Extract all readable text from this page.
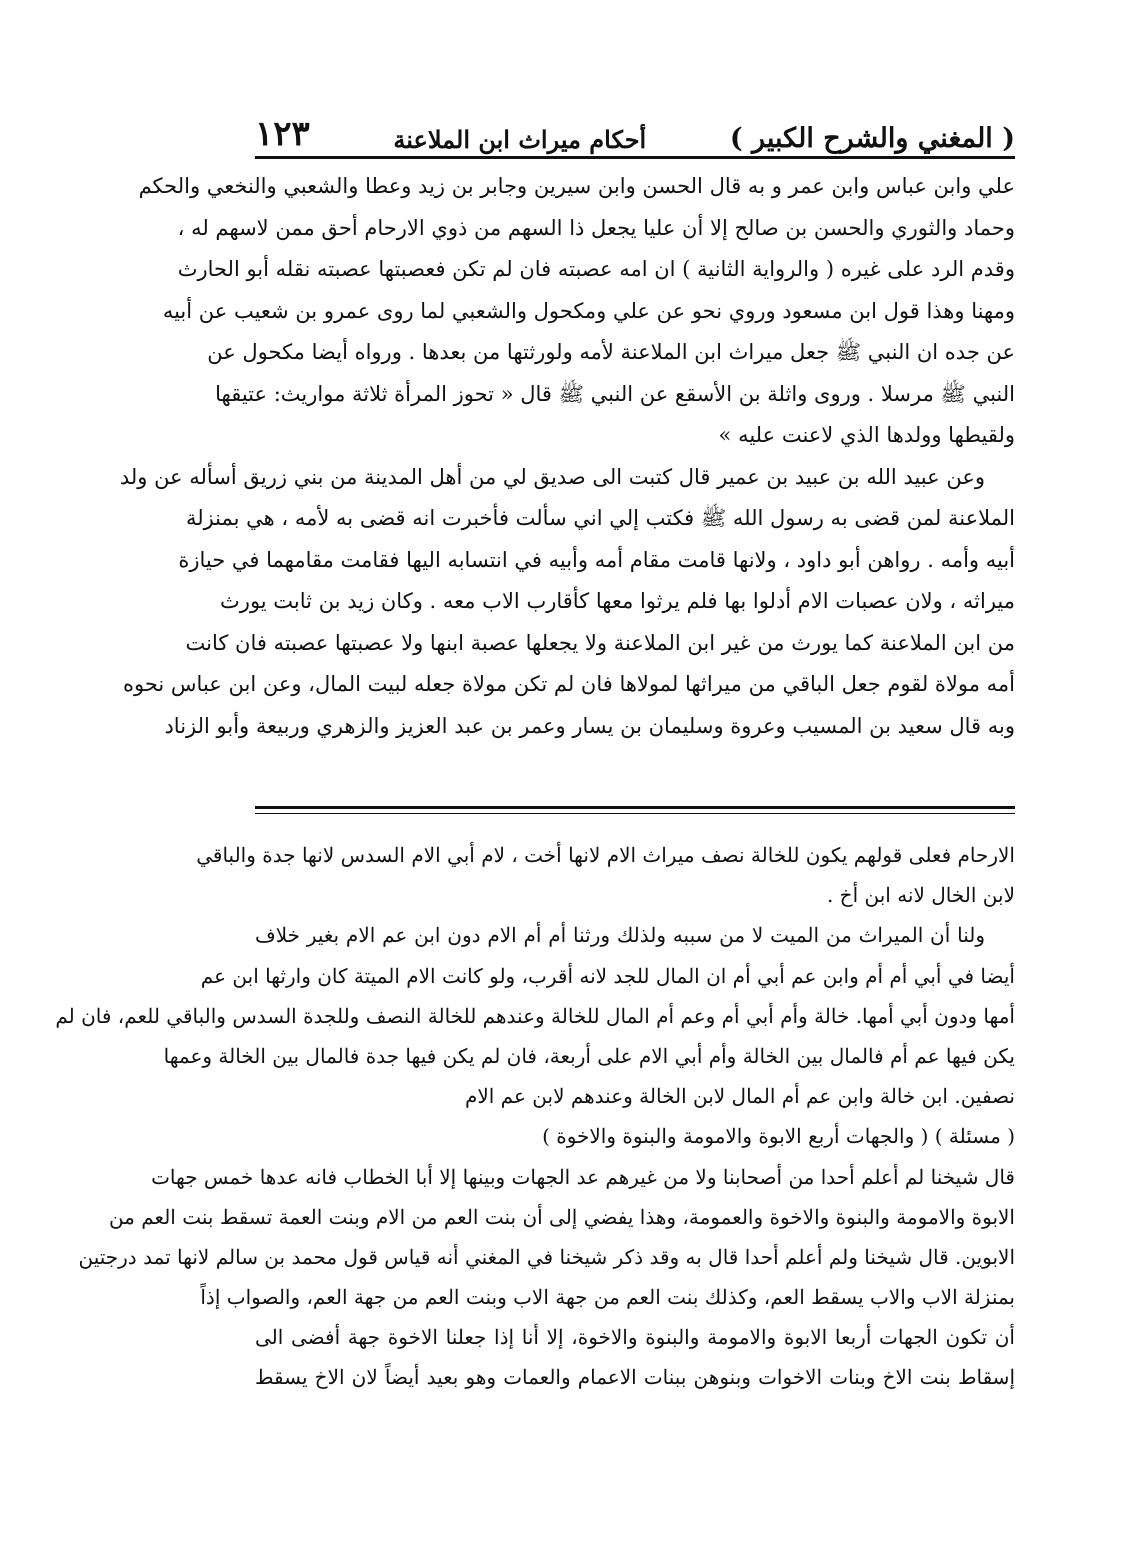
( المغني والشرح الكبير )
أحكام ميراث ابن الملاعنة
١٢٣
علي وابن عباس وابن عمر و به قال الحسن وابن سيرين وجابر بن زيد وعطا والشعبي والنخعي والحكم
وحماد والثوري والحسن بن صالح إلا أن عليا يجعل ذا السهم من ذوي الارحام أحق ممن لاسهم له ،
وقدم الرد على غيره ( والرواية الثانية ) ان امه عصبته فان لم تكن فعصبتها عصبته نقله أبو الحارث
ومهنا وهذا قول ابن مسعود وروي نحو عن علي ومكحول والشعبي لما روى عمرو بن شعيب عن أبيه
عن جده ان النبي ﷺ جعل ميراث ابن الملاعنة لأمه ولورثتها من بعدها . ورواه أيضا مكحول عن
النبي ﷺ مرسلا . وروى واثلة بن الأسقع عن النبي ﷺ قال « تحوز المرأة ثلاثة مواريث: عتيقها
ولقيطها وولدها الذي لاعنت عليه »
وعن عبيد الله بن عبيد بن عمير قال كتبت الى صديق لي من أهل المدينة من بني زريق أسأله عن ولد
الملاعنة لمن قضى به رسول الله ﷺ فكتب إلي اني سألت فأخبرت انه قضى به لأمه ، هي بمنزلة
أبيه وأمه . رواهن أبو داود ، ولانها قامت مقام أمه وأبيه في انتسابه اليها فقامت مقامهما في حيازة
ميراثه ، ولان عصبات الام أدلوا بها فلم يرثوا معها كأقارب الاب معه . وكان زيد بن ثابت يورث
من ابن الملاعنة كما يورث من غير ابن الملاعنة ولا يجعلها عصبة ابنها ولا عصبتها عصبته فان كانت
أمه مولاة لقوم جعل الباقي من ميراثها لمولاها فان لم تكن مولاة جعله لبيت المال، وعن ابن عباس نحوه
وبه قال سعيد بن المسيب وعروة وسليمان بن يسار وعمر بن عبد العزيز والزهري وربيعة وأبو الزناد
الارحام فعلى قولهم يكون للخالة نصف ميراث الام لانها أخت ، لام أبي الام السدس لانها جدة والباقي
لابن الخال لانه ابن أخ .
ولنا أن الميراث من الميت لا من سببه ولذلك ورثنا أم أم الام دون ابن عم الام بغير خلاف
أيضا في أبي أم أم وابن عم أبي أم ان المال للجد لانه أقرب، ولو كانت الام الميتة كان وارثها ابن عم
أمها ودون أبي أمها. خالة وأم أبي أم وعم أم المال للخالة وعندهم للخالة النصف وللجدة السدس والباقي للعم، فان لم
يكن فيها عم أم فالمال بين الخالة وأم أبي الام على أربعة، فان لم يكن فيها جدة فالمال بين الخالة وعمها
نصفين. ابن خالة وابن عم أم المال لابن الخالة وعندهم لابن عم الام
( مسئلة ) ( والجهات أربع الابوة والامومة والبنوة والاخوة )
قال شيخنا لم أعلم أحدا من أصحابنا ولا من غيرهم عد الجهات وبينها إلا أبا الخطاب فانه عدها خمس جهات
الابوة والامومة والبنوة والاخوة والعمومة، وهذا يفضي إلى أن بنت العم من الام وبنت العمة تسقط بنت العم من
الابوين. قال شيخنا ولم أعلم أحدا قال به وقد ذكر شيخنا في المغني أنه قياس قول محمد بن سالم لانها تمد درجتين
بمنزلة الاب والاب يسقط العم، وكذلك بنت العم من جهة الاب وبنت العم من جهة العم، والصواب إذاً
أن تكون الجهات أربعا الابوة والامومة والبنوة والاخوة، إلا أنا إذا جعلنا الاخوة جهة أفضى الى
إسقاط بنت الاخ وبنات الاخوات وبنوهن ببنات الاعمام والعمات وهو بعيد أيضاً لان الاخ يسقط
